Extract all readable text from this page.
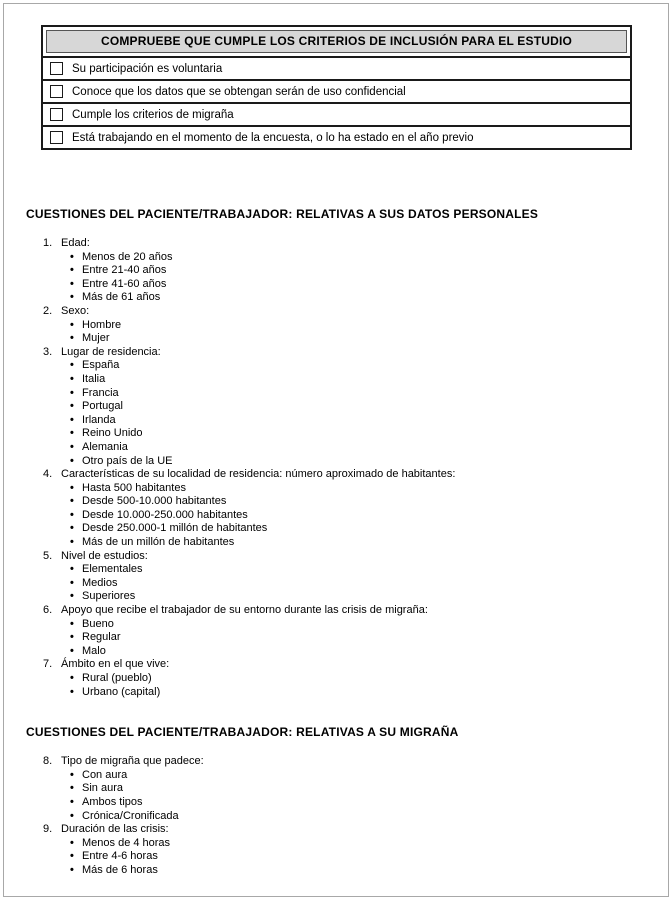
COMPRUEBE QUE CUMPLE LOS CRITERIOS DE INCLUSIÓN PARA EL ESTUDIO
Su participación es voluntaria
Conoce que los datos que se obtengan serán de uso confidencial
Cumple los criterios de migraña
Está trabajando en el momento de la encuesta, o lo ha estado en el año previo
CUESTIONES DEL PACIENTE/TRABAJADOR: RELATIVAS A SUS DATOS PERSONALES
1. Edad:
• Menos de 20 años
• Entre 21-40 años
• Entre 41-60 años
• Más de 61 años
2. Sexo:
• Hombre
• Mujer
3. Lugar de residencia:
• España
• Italia
• Francia
• Portugal
• Irlanda
• Reino Unido
• Alemania
• Otro país de la UE
4. Características de su localidad de residencia: número aproximado de habitantes:
• Hasta 500 habitantes
• Desde 500-10.000 habitantes
• Desde 10.000-250.000 habitantes
• Desde 250.000-1 millón de habitantes
• Más de un millón de habitantes
5. Nivel de estudios:
• Elementales
• Medios
• Superiores
6. Apoyo que recibe el trabajador de su entorno durante las crisis de migraña:
• Bueno
• Regular
• Malo
7. Ámbito en el que vive:
• Rural (pueblo)
• Urbano (capital)
CUESTIONES DEL PACIENTE/TRABAJADOR: RELATIVAS A SU MIGRAÑA
8. Tipo de migraña que padece:
• Con aura
• Sin aura
• Ambos tipos
• Crónica/Cronificada
9. Duración de las crisis:
• Menos de 4 horas
• Entre 4-6 horas
• Más de 6 horas
